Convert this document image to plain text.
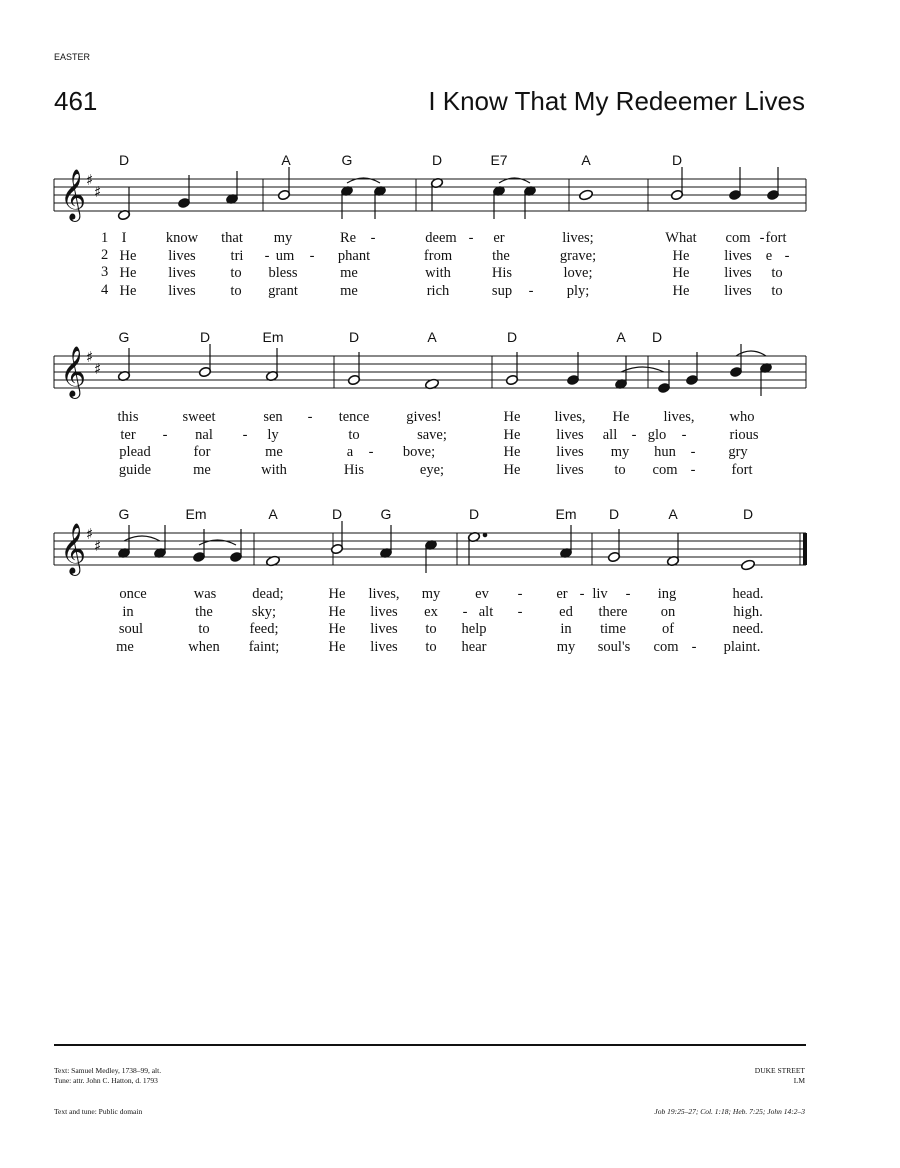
EASTER
461	I Know That My Redeemer Lives
𝄞 ♯
♯
𝄞 ♯
♯
𝄞 ♯
♯
D	A	G	D	E7	A	D
1
2
3
4
Text: Samuel Medley, 1738–99, alt.
Tune: attr. John C. Hatton, d. 1793
Text and tune: Public domain
DUKE STREET
LM
Job 19:25–27; Col. 1:18; Heb. 7:25; John 14:2–3
I	know that my	Re -	deem - er	lives;	What com - fort
He lives tri - um - phant	from	the	grave;	He lives e -
He lives to bless	me	with	His	love;	He lives to
He lives to grant	me	rich	sup - ply;	He lives to
this	sweet	sen - tence	gives!	He lives, He lives, who
ter - nal - ly	to	save;	He lives all - glo -	rious
plead	for	me	a - bove;	He lives my hun - gry
guide	me	with	His	eye;	He lives to com - fort
once	was dead;	He lives, my ev - er - liv - ing	head.
in	the	sky;	He lives ex - alt -	ed there on	high.
soul	to	feed;	He lives to help	in time of	need.
me	when faint;	He lives to hear	my soul's com - plaint.
G	D	Em	D	A	D	A D
G	Em	A	D	G	D	Em D	A	D
